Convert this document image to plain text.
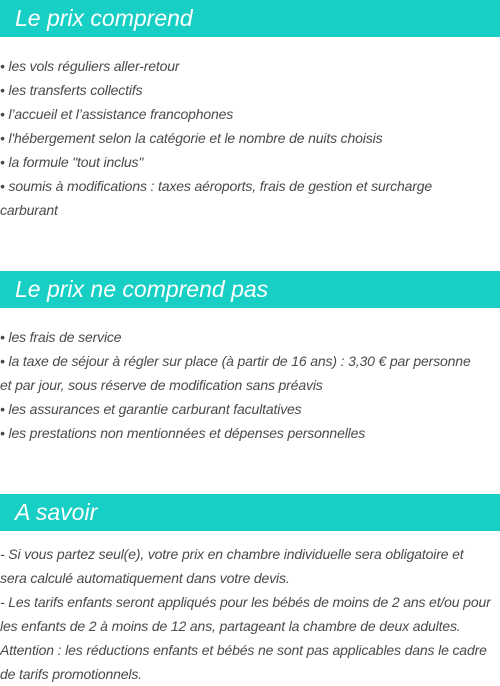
Le prix comprend
• les vols réguliers aller-retour
• les transferts collectifs
• l’accueil et l’assistance francophones
• l'hébergement selon la catégorie et le nombre de nuits choisis
• la formule "tout inclus"
• soumis à modifications : taxes aéroports, frais de gestion et surcharge
carburant
Le prix ne comprend pas
• les frais de service
• la taxe de séjour à régler sur place (à partir de 16 ans) : 3,30 € par personne
et par jour, sous réserve de modification sans préavis
• les assurances et garantie carburant facultatives
• les prestations non mentionnées et dépenses personnelles
A savoir
- Si vous partez seul(e), votre prix en chambre individuelle sera obligatoire et
sera calculé automatiquement dans votre devis.
- Les tarifs enfants seront appliqués pour les bébés de moins de 2 ans et/ou pour
les enfants de 2 à moins de 12 ans, partageant la chambre de deux adultes.
Attention : les réductions enfants et bébés ne sont pas applicables dans le cadre
de tarifs promotionnels.
